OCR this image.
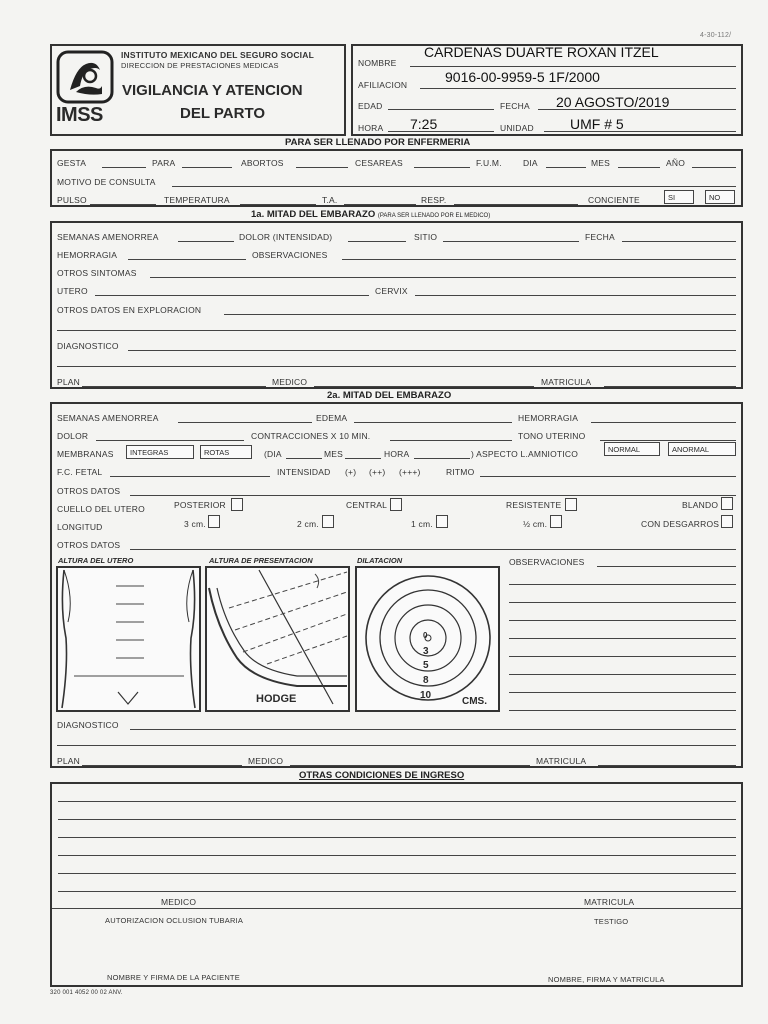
4-30-112/
IMSS
INSTITUTO MEXICANO DEL SEGURO SOCIAL
DIRECCION DE PRESTACIONES MEDICAS
VIGILANCIA Y ATENCION
DEL PARTO
NOMBRE
CARDENAS DUARTE ROXAN ITZEL
AFILIACION	9016-00-9959-5 1F/2000
EDAD	FECHA 20 AGOSTO/2019
HORA 7:25	UNIDAD	UMF # 5
PARA SER LLENADO POR ENFERMERIA
GESTA	PARA	ABORTOS	CESAREAS	F.U.M. DIA	MES	AÑO
MOTIVO DE CONSULTA
PULSO	TEMPERATURA	T.A.	RESP.	CONCIENTE	SI	NO
1a. MITAD DEL EMBARAZO (PARA SER LLENADO POR EL MEDICO)
SEMANAS AMENORREA	DOLOR (INTENSIDAD)	SITIO	FECHA
HEMORRAGIA	OBSERVACIONES
OTROS SINTOMAS
UTERO	CERVIX
OTROS DATOS EN EXPLORACION
DIAGNOSTICO
PLAN	MEDICO	MATRICULA
2a. MITAD DEL EMBARAZO
SEMANAS AMENORREA	EDEMA	HEMORRAGIA
DOLOR	CONTRACCIONES X 10 MIN.	TONO UTERINO
MEMBRANAS	INTEGRAS	ROTAS	(DIA	MES	HORA	) ASPECTO L.AMNIOTICO	NORMAL	ANORMAL
F.C. FETAL	INTENSIDAD (+) (++) (+++)	RITMO
OTROS DATOS
CUELLO DEL UTERO	POSTERIOR	CENTRAL	RESISTENTE	BLANDO
LONGITUD	3 cm.	2 cm.	1 cm.	½ cm.	CON DESGARROS
OTROS DATOS
ALTURA DEL UTERO	ALTURA DE PRESENTACION	DILATACION	OBSERVACIONES
HODGE
0
3
5
8
10
CMS.
DIAGNOSTICO
PLAN	MEDICO	MATRICULA
OTRAS CONDICIONES DE INGRESO
MEDICO	MATRICULA
AUTORIZACION OCLUSION TUBARIA	TESTIGO
NOMBRE Y FIRMA DE LA PACIENTE	NOMBRE, FIRMA Y MATRICULA
320 001 4052 00 02 ANV.
